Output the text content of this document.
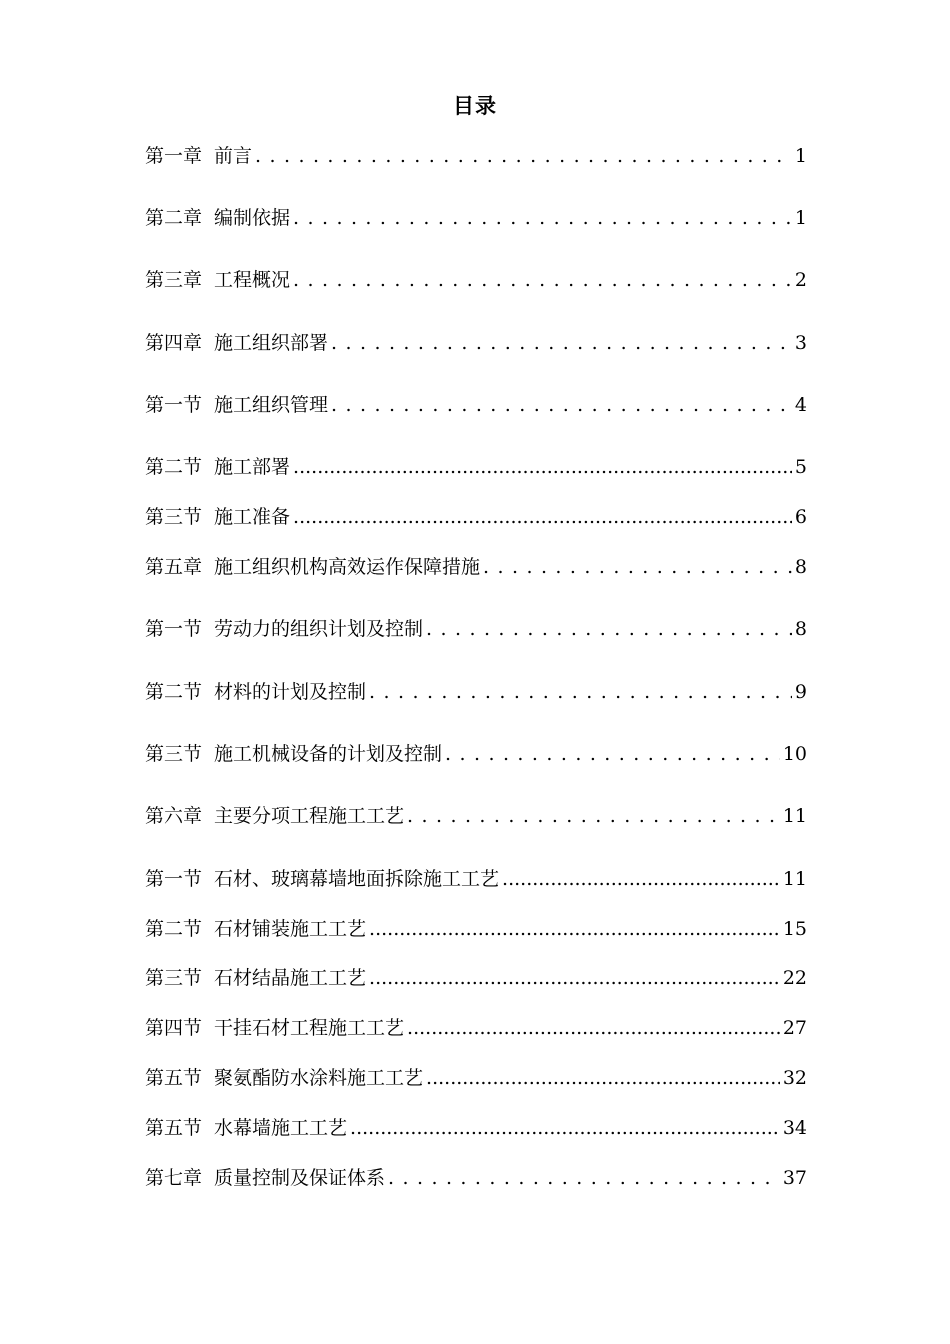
目录
第一章 前言 . . .	1
第二章 编制依据 . . .	1
第三章 工程概况 . . .	2
第四章 施工组织部署 . . .	3
第一节 施工组织管理 . . .	4
第二节 施工部署 .....	5
第三节 施工准备 .....	6
第五章 施工组织机构高效运作保障措施 . . .	8
第一节 劳动力的组织计划及控制 . . .	8
第二节 材料的计划及控制 . . .	9
第三节 施工机械设备的计划及控制 . . .	10
第六章 主要分项工程施工工艺 . . .	11
第一节 石材、玻璃幕墙地面拆除施工工艺 .....	11
第二节 石材铺装施工工艺 .....	15
第三节 石材结晶施工工艺 .....	22
第四节 干挂石材工程施工工艺 .....	27
第五节 聚氨酯防水涂料施工工艺 .....	32
第五节 水幕墙施工工艺 .....	34
第七章 质量控制及保证体系 . . .	37
